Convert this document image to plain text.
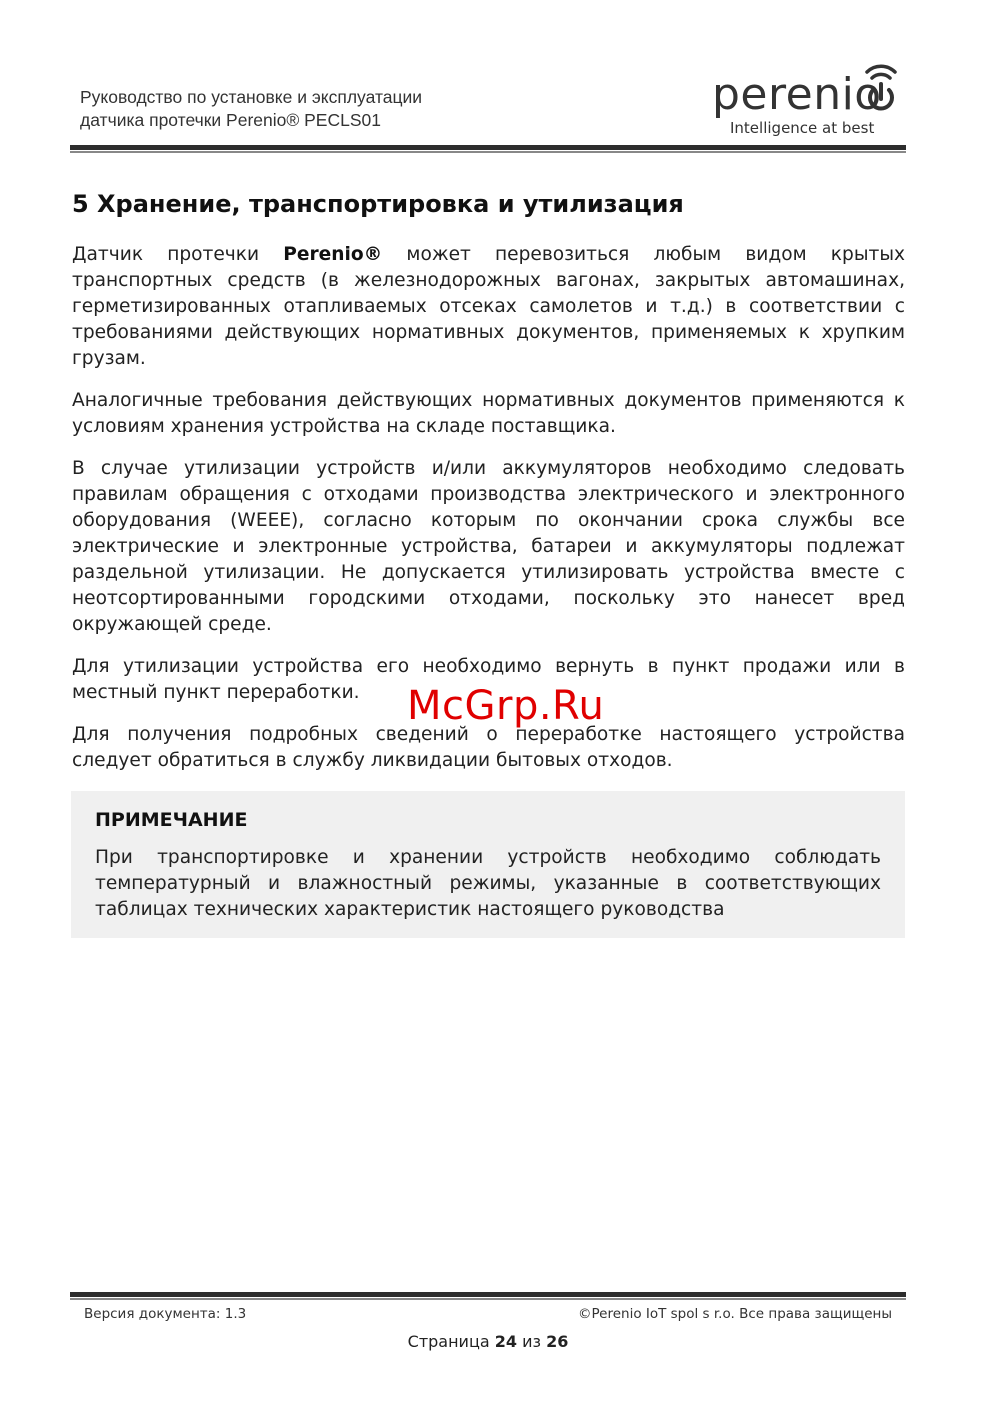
Руководство по установке и эксплуатации
датчика протечки Perenio® PECLS01	perenio
Intelligence at best
5 Хранение, транспортировка и утилизация

Датчик протечки Perenio® может перевозиться любым видом крытых транспортных средств (в железнодорожных вагонах, закрытых автомашинах, герметизированных отапливаемых отсеках самолетов и т.д.) в соответствии с требованиями действующих нормативных документов, применяемых к хрупким грузам.

Аналогичные требования действующих нормативных документов применяются к условиям хранения устройства на складе поставщика.

В случае утилизации устройств и/или аккумуляторов необходимо следовать правилам обращения с отходами производства электрического и электронного оборудования (WEEE), согласно которым по окончании срока службы все электрические и электронные устройства, батареи и аккумуляторы подлежат раздельной утилизации. Не допускается утилизировать устройства вместе с неотсортированными городскими отходами, поскольку это нанесет вред окружающей среде.

Для утилизации устройства его необходимо вернуть в пункт продажи или в местный пункт переработки.

Для получения подробных сведений о переработке настоящего устройства следует обратиться в службу ликвидации бытовых отходов.

ПРИМЕЧАНИЕ
При транспортировке и хранении устройств необходимо соблюдать температурный и влажностный режимы, указанные в соответствующих таблицах технических характеристик настоящего руководства
McGrp.Ru
Версия документа: 1.3	©Perenio IoT spol s r.o. Все права защищены
Страница 24 из 26
